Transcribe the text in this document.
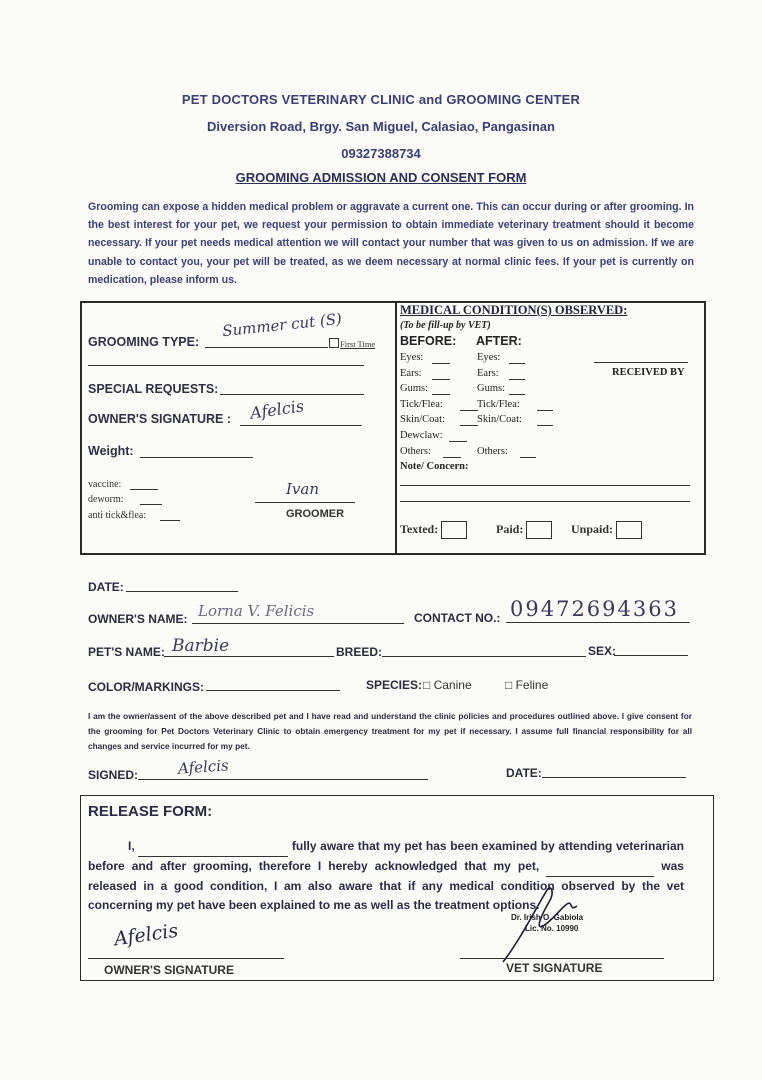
PET DOCTORS VETERINARY CLINIC and GROOMING CENTER
Diversion Road, Brgy. San Miguel, Calasiao, Pangasinan
09327388734
GROOMING ADMISSION AND CONSENT FORM
Grooming can expose a hidden medical problem or aggravate a current one. This can occur during or after grooming. In the best interest for your pet, we request your permission to obtain immediate veterinary treatment should it become necessary. If your pet needs medical attention we will contact your number that was given to us on admission. If we are unable to contact you, your pet will be treated, as we deem necessary at normal clinic fees. If your pet is currently on medication, please inform us.
GROOMING TYPE:
Summer cut (S)
First Time
SPECIAL REQUESTS:
OWNER'S SIGNATURE : Afelcis
Weight:
vaccine:
deworm:
anti tick&flea:
Ivan
GROOMER
MEDICAL CONDITION(S) OBSERVED:
(To be fill-up by VET)
BEFORE: AFTER:
RECEIVED BY
Eyes:	Eyes:
Ears:	Ears:
Gums:	Gums:
Tick/Flea:	Tick/Flea:
Skin/Coat:	Skin/Coat:
Dewclaw:
Others:	Others:
Note/ Concern:
Texted:	Paid:	Unpaid:
DATE:
OWNER'S NAME: Lorna V. Felicis	CONTACT NO.: 09472694363
PET'S NAME: Barbie	BREED:	SEX:
COLOR/MARKINGS:	SPECIES: □ Canine	□ Feline
I am the owner/assent of the above described pet and I have read and understand the clinic policies and procedures outlined above. I give consent for the grooming for Pet Doctors Veterinary Clinic to obtain emergency treatment for my pet if necessary. I assume full financial responsibility for all changes and service incurred for my pet.
SIGNED:	Afelcis	DATE:
RELEASE FORM:
I,	fully aware that my pet has been examined by attending veterinarian before and after grooming, therefore I hereby acknowledged that my pet,	was released in a good condition, I am also aware that if any medical condition observed by the vet concerning my pet have been explained to me as well as the treatment options.
Afelcis
OWNER'S SIGNATURE
Dr. Irish O. Gabiola
Lic. No. 10990
VET SIGNATURE
